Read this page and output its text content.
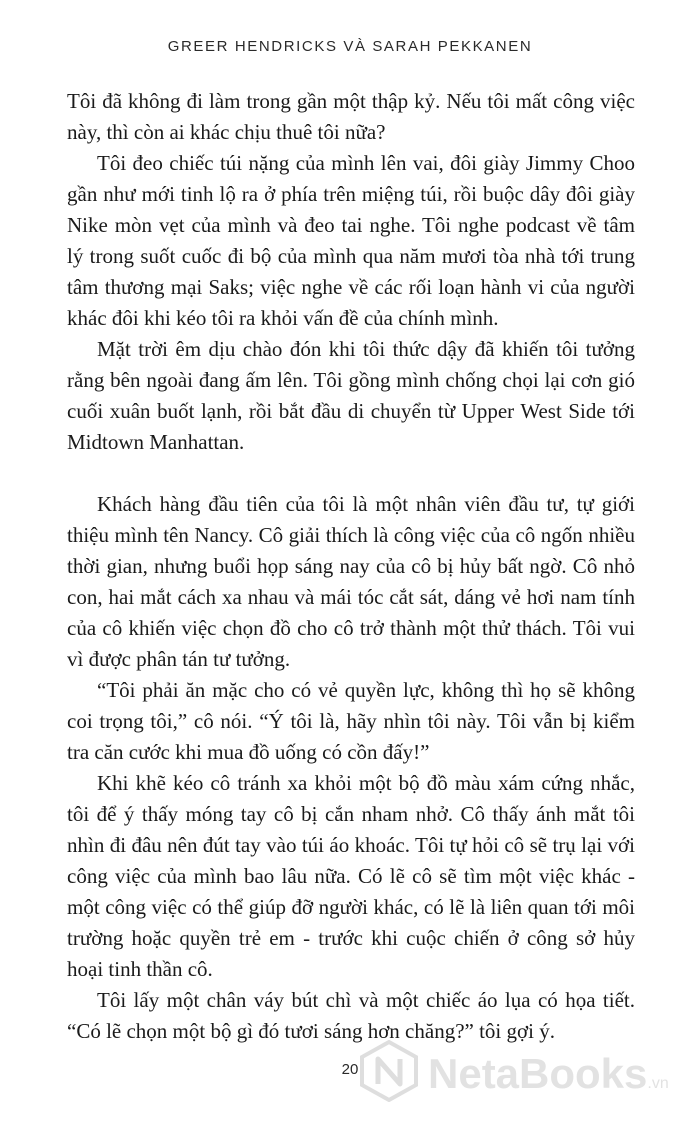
GREER HENDRICKS VÀ SARAH PEKKANEN

Tôi đã không đi làm trong gần một thập kỷ. Nếu tôi mất công việc này, thì còn ai khác chịu thuê tôi nữa?

Tôi đeo chiếc túi nặng của mình lên vai, đôi giày Jimmy Choo gần như mới tinh lộ ra ở phía trên miệng túi, rồi buộc dây đôi giày Nike mòn vẹt của mình và đeo tai nghe. Tôi nghe podcast về tâm lý trong suốt cuốc đi bộ của mình qua năm mươi tòa nhà tới trung tâm thương mại Saks; việc nghe về các rối loạn hành vi của người khác đôi khi kéo tôi ra khỏi vấn đề của chính mình.

Mặt trời êm dịu chào đón khi tôi thức dậy đã khiến tôi tưởng rằng bên ngoài đang ấm lên. Tôi gồng mình chống chọi lại cơn gió cuối xuân buốt lạnh, rồi bắt đầu di chuyển từ Upper West Side tới Midtown Manhattan.

Khách hàng đầu tiên của tôi là một nhân viên đầu tư, tự giới thiệu mình tên Nancy. Cô giải thích là công việc của cô ngốn nhiều thời gian, nhưng buổi họp sáng nay của cô bị hủy bất ngờ. Cô nhỏ con, hai mắt cách xa nhau và mái tóc cắt sát, dáng vẻ hơi nam tính của cô khiến việc chọn đồ cho cô trở thành một thử thách. Tôi vui vì được phân tán tư tưởng.

“Tôi phải ăn mặc cho có vẻ quyền lực, không thì họ sẽ không coi trọng tôi,” cô nói. “Ý tôi là, hãy nhìn tôi này. Tôi vẫn bị kiểm tra căn cước khi mua đồ uống có cồn đấy!”

Khi khẽ kéo cô tránh xa khỏi một bộ đồ màu xám cứng nhắc, tôi để ý thấy móng tay cô bị cắn nham nhở. Cô thấy ánh mắt tôi nhìn đi đâu nên đút tay vào túi áo khoác. Tôi tự hỏi cô sẽ trụ lại với công việc của mình bao lâu nữa. Có lẽ cô sẽ tìm một việc khác - một công việc có thể giúp đỡ người khác, có lẽ là liên quan tới môi trường hoặc quyền trẻ em - trước khi cuộc chiến ở công sở hủy hoại tinh thần cô.

Tôi lấy một chân váy bút chì và một chiếc áo lụa có họa tiết. “Có lẽ chọn một bộ gì đó tươi sáng hơn chăng?” tôi gợi ý.

20	NetaBooks.vn
